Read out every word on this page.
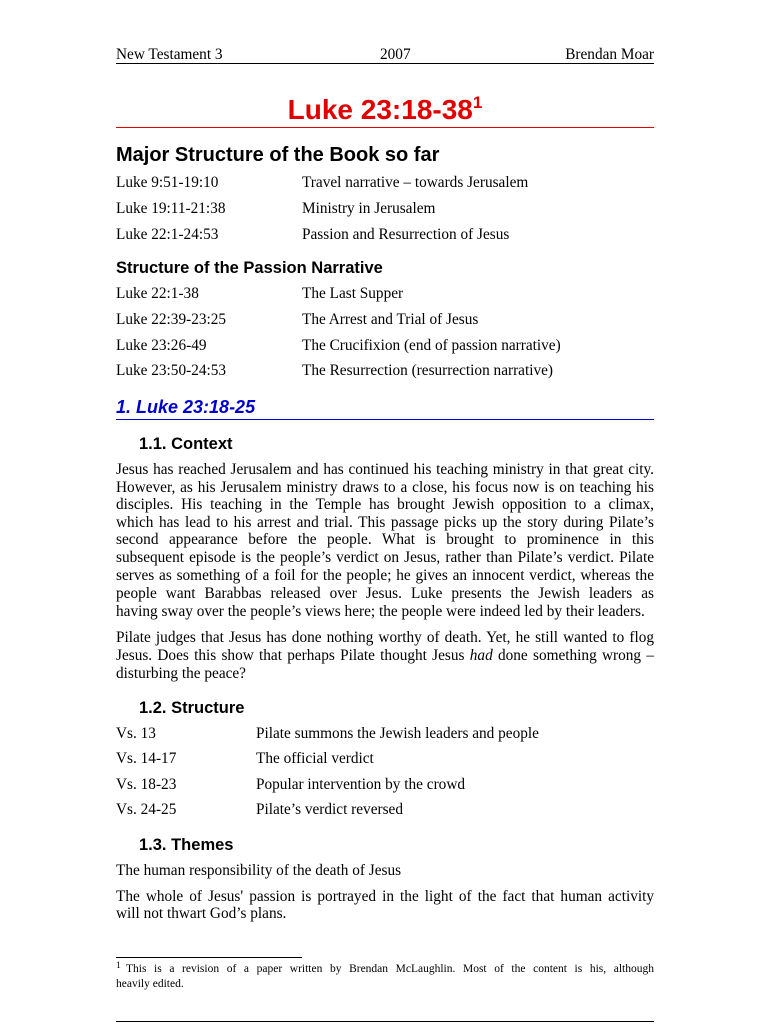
New Testament 3	2007	Brendan Moar
Luke $23:18-38^1$
Major Structure of the Book so far
Luke 9:51-19:10	Travel narrative – towards Jerusalem
Luke 19:11-21:38	Ministry in Jerusalem
Luke 22:1-24:53	Passion and Resurrection of Jesus
Structure of the Passion Narrative
Luke 22:1-38	The Last Supper
Luke 22:39-23:25	The Arrest and Trial of Jesus
Luke 23:26-49	The Crucifixion (end of passion narrative)
Luke 23:50-24:53	The Resurrection (resurrection narrative)
1. Luke 23:18-25
1.1. Context
Jesus has reached Jerusalem and has continued his teaching ministry in that great city.
However, as his Jerusalem ministry draws to a close, his focus now is on teaching his
disciples. His teaching in the Temple has brought Jewish opposition to a climax,
which has lead to his arrest and trial. This passage picks up the story during Pilate’s
second appearance before the people. What is brought to prominence in this
subsequent episode is the people’s verdict on Jesus, rather than Pilate’s verdict. Pilate
serves as something of a foil for the people; he gives an innocent verdict, whereas the
people want Barabbas released over Jesus. Luke presents the Jewish leaders as
having sway over the people’s views here; the people were indeed led by their leaders.
Pilate judges that Jesus has done nothing worthy of death. Yet, he still wanted to flog
Jesus. Does this show that perhaps Pilate thought Jesus had done something wrong –
disturbing the peace?
1.2. Structure
Vs. 13	Pilate summons the Jewish leaders and people
Vs. 14-17	The official verdict
Vs. 18-23	Popular intervention by the crowd
Vs. 24-25	Pilate’s verdict reversed
1.3. Themes
The human responsibility of the death of Jesus
The whole of Jesus' passion is portrayed in the light of the fact that human activity
will not thwart God’s plans.
1 This is a revision of a paper written by Brendan McLaughlin. Most of the content is his, although
heavily edited.
